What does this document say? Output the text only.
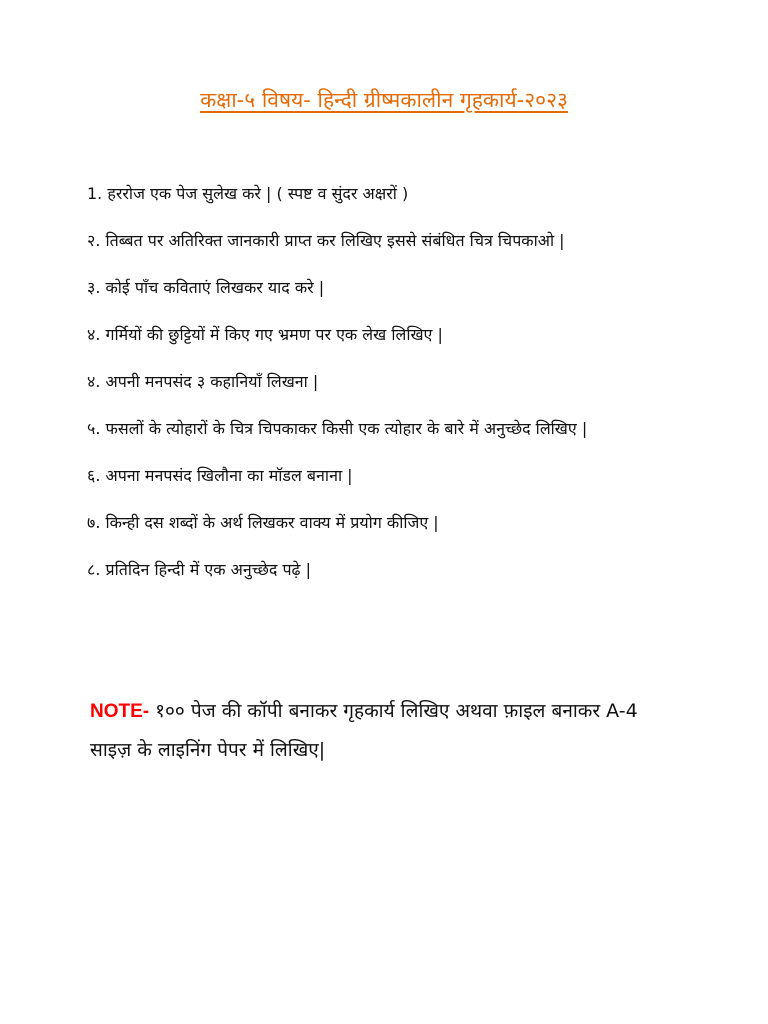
कक्षा-५ विषय- हिन्दी ग्रीष्मकालीन गृहकार्य-२०२३
1. हररोज एक पेज सुलेख करे | ( स्पष्ट व सुंदर अक्षरों )
२. तिब्बत पर अतिरिक्त जानकारी प्राप्त कर लिखिए इससे संबंधित चित्र चिपकाओ |
३. कोई पाँच कविताएं लिखकर याद करे |
४. गर्मियों की छुट्टियों में किए गए भ्रमण पर एक लेख लिखिए |
४. अपनी मनपसंद ३ कहानियाँ लिखना |
५. फसलों के त्योहारों के चित्र चिपकाकर किसी एक त्योहार के बारे में अनुच्छेद लिखिए |
६. अपना मनपसंद खिलौना का मॉडल बनाना |
७. किन्ही दस शब्दों के अर्थ लिखकर वाक्य में प्रयोग कीजिए |
८. प्रतिदिन हिन्दी में एक अनुच्छेद पढ़े |
NOTE- १०० पेज की कॉपी बनाकर गृहकार्य लिखिए अथवा फ़ाइल बनाकर A-4 साइज़ के लाइनिंग पेपर में लिखिए|
